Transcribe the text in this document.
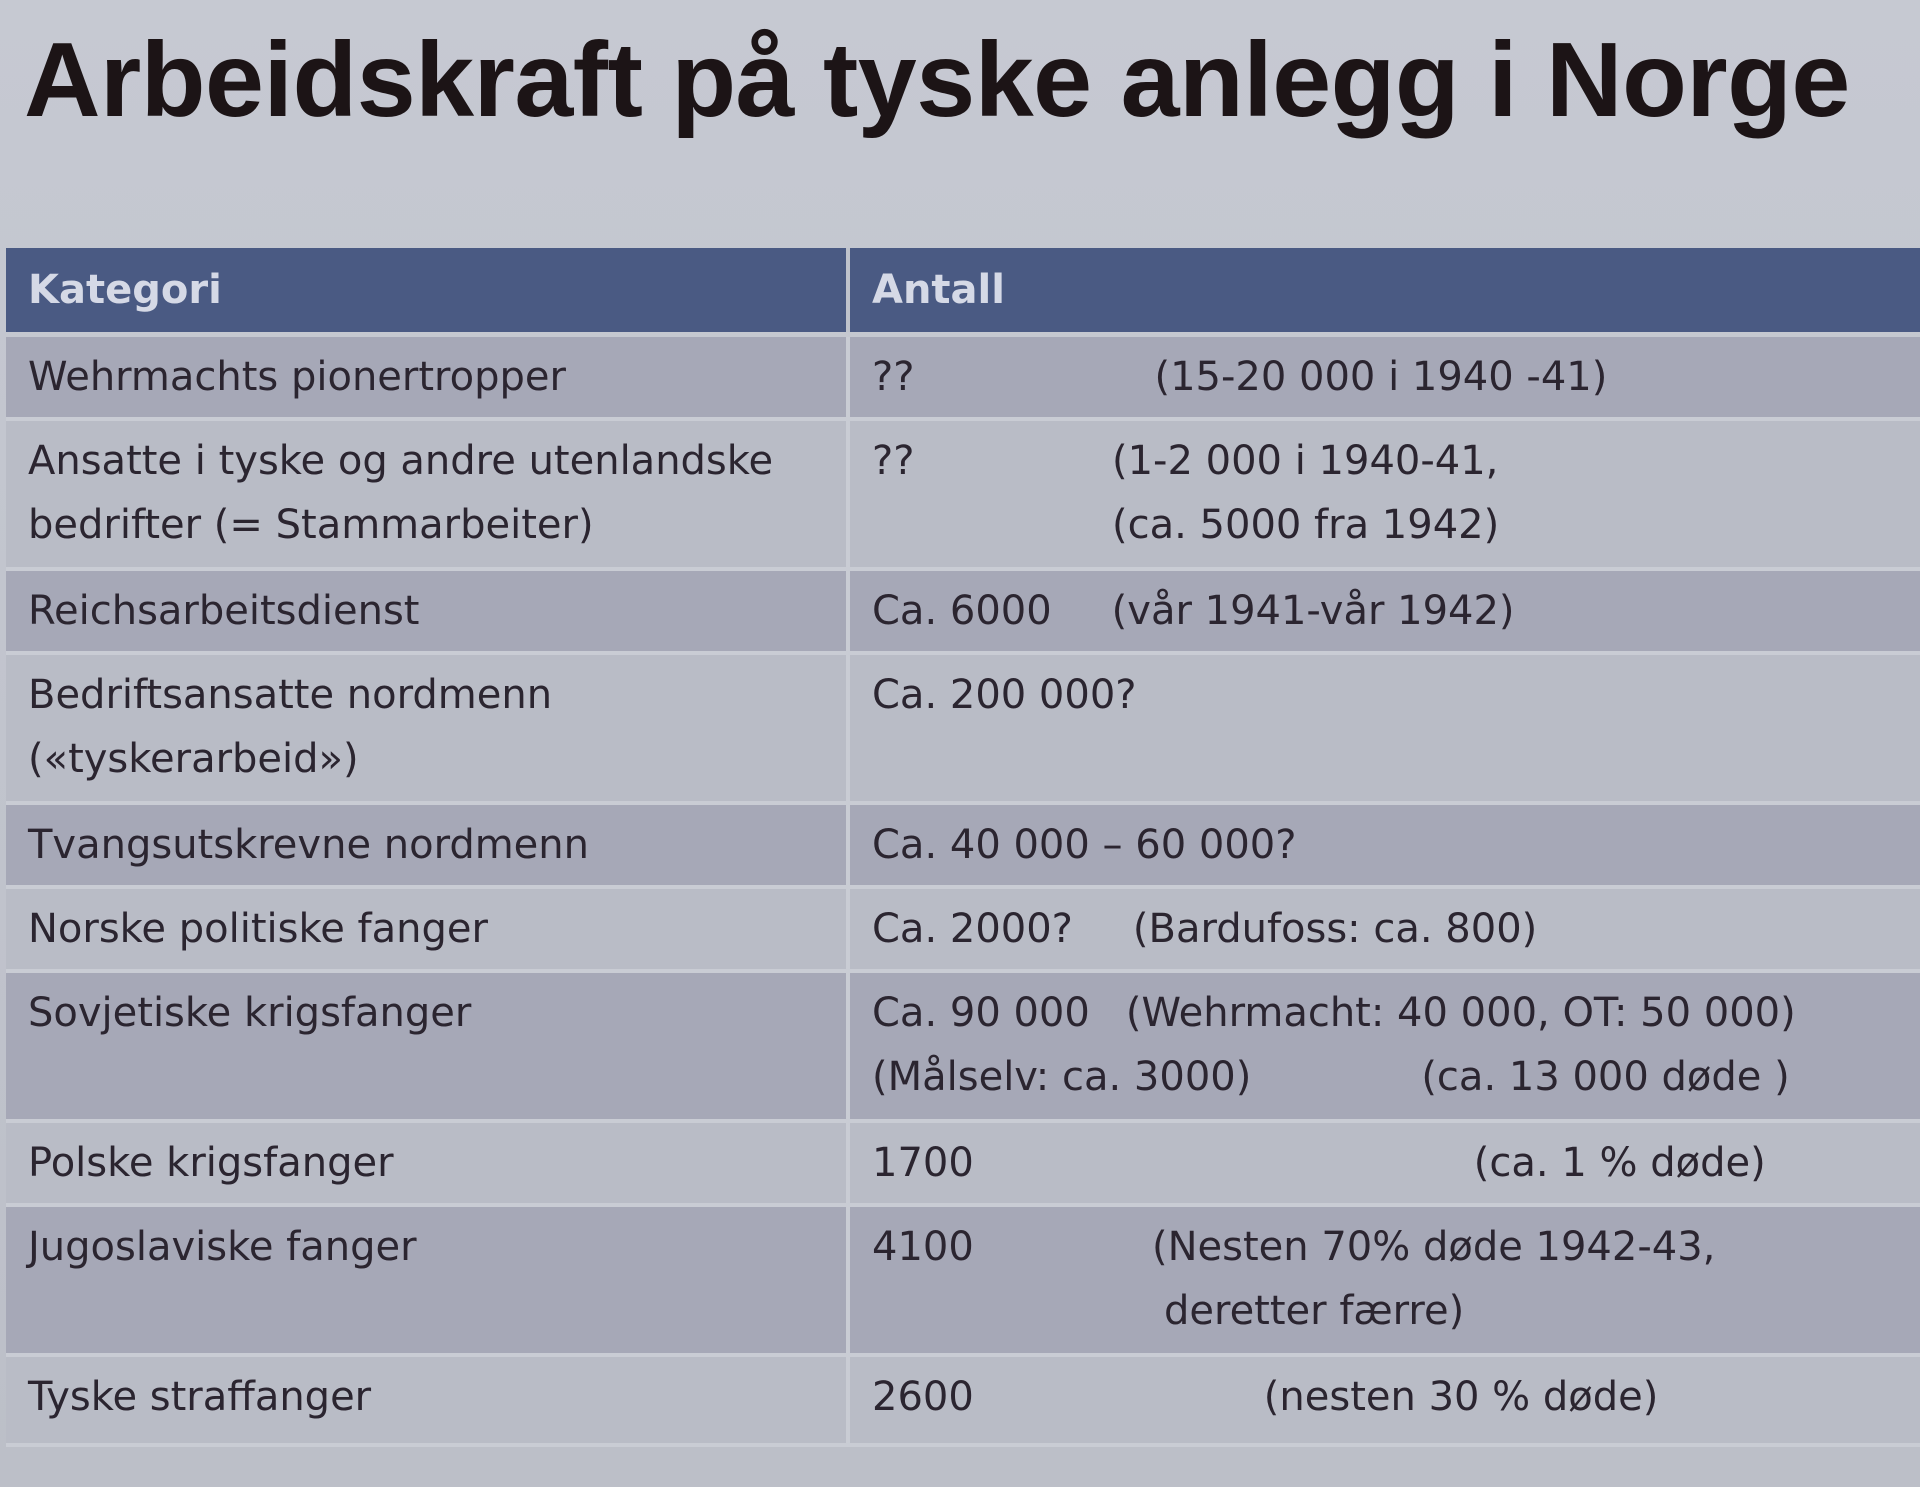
Arbeidskraft på tyske anlegg i Norge
Kategori	Antall

Wehrmachts pionertropper	?? (15-20 000 i 1940 -41)

Ansatte i tyske og andre utenlandske
bedrifter (= Stammarbeiter)	?? (1-2 000 i 1940-41,
(ca. 5000 fra 1942)

Reichsarbeitsdienst	Ca. 6000 (vår 1941-vår 1942)

Bedriftsansatte nordmenn
(«tyskerarbeid»)	Ca. 200 000?

Tvangsutskrevne nordmenn	Ca. 40 000 – 60 000?

Norske politiske fanger	Ca. 2000? (Bardufoss: ca. 800)

Sovjetiske krigsfanger	Ca. 90 000 (Wehrmacht: 40 000, OT: 50 000)
(Målselv: ca. 3000) (ca. 13 000 døde )

Polske krigsfanger	1700 (ca. 1 % døde)

Jugoslaviske fanger	4100 (Nesten 70% døde 1942-43,
deretter færre)

Tyske straffanger	2600 (nesten 30 % døde)
